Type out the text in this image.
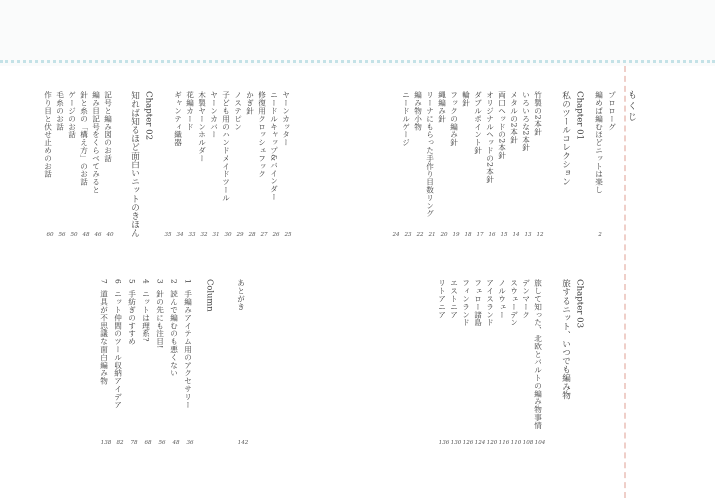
もくじ
プロローグ
編めば編むほどニットは楽し
2
Chapter 01
私のツールコレクション
竹製の2本針
12
いろいろな2本針
13
メタルの2本針
14
両口ヘッドの2本針
15
オリジナルヘッドの2本針
16
ダブルポイント針
17
輪針
18
フックの編み針
19
縄編み針
20
リーナにもらった手作り目数リング
21
編み物小物
22
ニードルゲージ
23
24
ヤーンカッター
25
ニードルキャップ&バインダー
26
修復用クロッシェフック
27
かぎ針
28
ノステピン
29
子ども用のハンドメイドツール
30
ヤーンカバー
31
木製ヤーンホルダー
32
花編カード
33
ギャンティ織器
34
35
Chapter 02
知れば知るほど面白いニットのきほん
記号と編み図のお話
40
編み目記号をくらべてみると
46
針と糸の「構え方」のお話
48
ゲージのお話
50
毛糸のお話
56
作り目と伏せ止めのお話
60
Chapter 03
旅するニット、いつでも編み物
旅して知った、北欧とバルトの編み物事情
104
デンマーク
108
スウェーデン
110
ノルウェー
116
アイスランド
120
フェロー諸島
124
フィンランド
126
エストニア
130
リトアニア
136
あとがき
142
Column
1
手編みアイテム用のアクセサリー
36
2
読んで編むのも悪くない
48
3
針の先にも注目!
56
4
ニットは理系?
68
5
手紡ぎのすすめ
78
6
ニット仲間のツール収納アイデア
82
7
道具が不思議な面白編み物
138
